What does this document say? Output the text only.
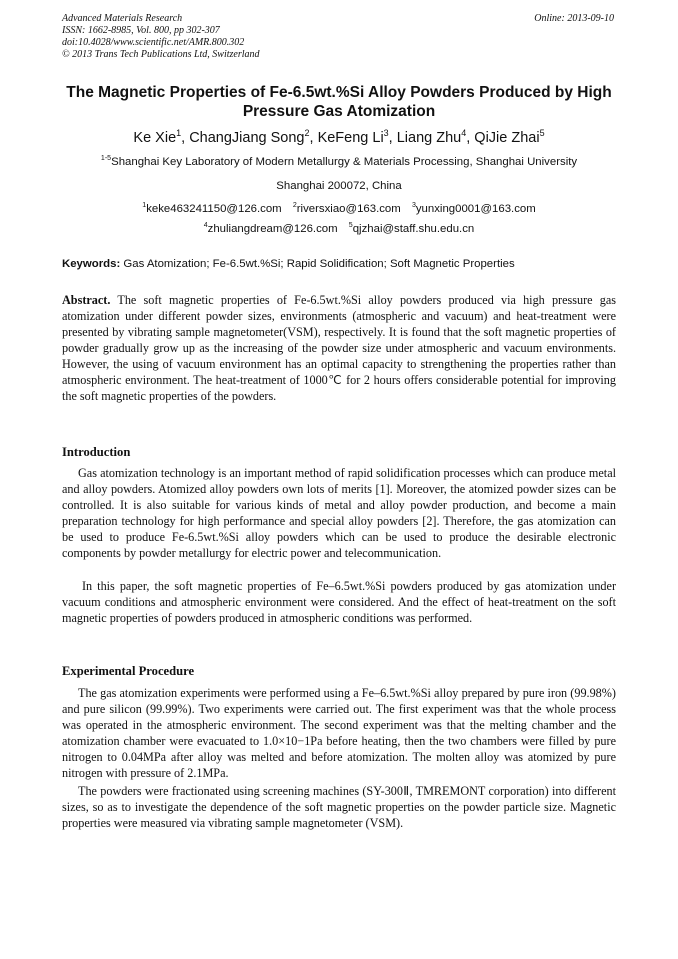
Advanced Materials Research
ISSN: 1662-8985, Vol. 800, pp 302-307
doi:10.4028/www.scientific.net/AMR.800.302
© 2013 Trans Tech Publications Ltd, Switzerland
Online: 2013-09-10
The Magnetic Properties of Fe-6.5wt.%Si Alloy Powders Produced by High Pressure Gas Atomization
Ke Xie$^1$, ChangJiang Song$^2$, KeFeng Li$^3$, Liang Zhu$^4$, QiJie Zhai$^5$
$^{1-5}$Shanghai Key Laboratory of Modern Metallurgy & Materials Processing, Shanghai University
Shanghai 200072, China
$^1$keke463241150@126.com $^2$riversxiao@163.com $^3$yunxing0001@163.com
$^4$zhuliangdream@126.com $^5$qjzhai@staff.shu.edu.cn
Keywords: Gas Atomization; Fe-6.5wt.%Si; Rapid Solidification; Soft Magnetic Properties
Abstract. The soft magnetic properties of Fe-6.5wt.%Si alloy powders produced via high pressure gas atomization under different powder sizes, environments (atmospheric and vacuum) and heat-treatment were presented by vibrating sample magnetometer(VSM), respectively. It is found that the soft magnetic properties of powder gradually grow up as the increasing of the powder size under atmospheric and vacuum environments. However, the using of vacuum environment has an optimal capacity to strengthening the properties rather than atmospheric environment. The heat-treatment of 1000℃ for 2 hours offers considerable potential for improving the soft magnetic properties of the powders.
Introduction

Gas atomization technology is an important method of rapid solidification processes which can produce metal and alloy powders. Atomized alloy powders own lots of merits [1]. Moreover, the atomized powder sizes can be controlled. It is also suitable for various kinds of metal and alloy powder production, and become a main preparation technology for high performance and special alloy powders [2]. Therefore, the gas atomization can be used to produce Fe-6.5wt.%Si alloy powders which can be used to produce the desirable electronic components by powder metallurgy for electric power and telecommunication.

In this paper, the soft magnetic properties of Fe–6.5wt.%Si powders produced by gas atomization under vacuum conditions and atmospheric environment were considered. And the effect of heat-treatment on the soft magnetic properties of powders produced in atmospheric conditions was performed.

Experimental Procedure

The gas atomization experiments were performed using a Fe–6.5wt.%Si alloy prepared by pure iron (99.98%) and pure silicon (99.99%). Two experiments were carried out. The first experiment was that the whole process was operated in the atmospheric environment. The second experiment was that the melting chamber and the atomization chamber were evacuated to 1.0×10−1Pa before heating, then the two chambers were filled by pure nitrogen to 0.04MPa after alloy was melted and before atomization. The molten alloy was atomized by pure nitrogen with pressure of 2.1MPa.

The powders were fractionated using screening machines (SY-300Ⅱ, TMREMONT corporation) into different sizes, so as to investigate the dependence of the soft magnetic properties on the powder particle size. Magnetic properties were measured via vibrating sample magnetometer (VSM).
